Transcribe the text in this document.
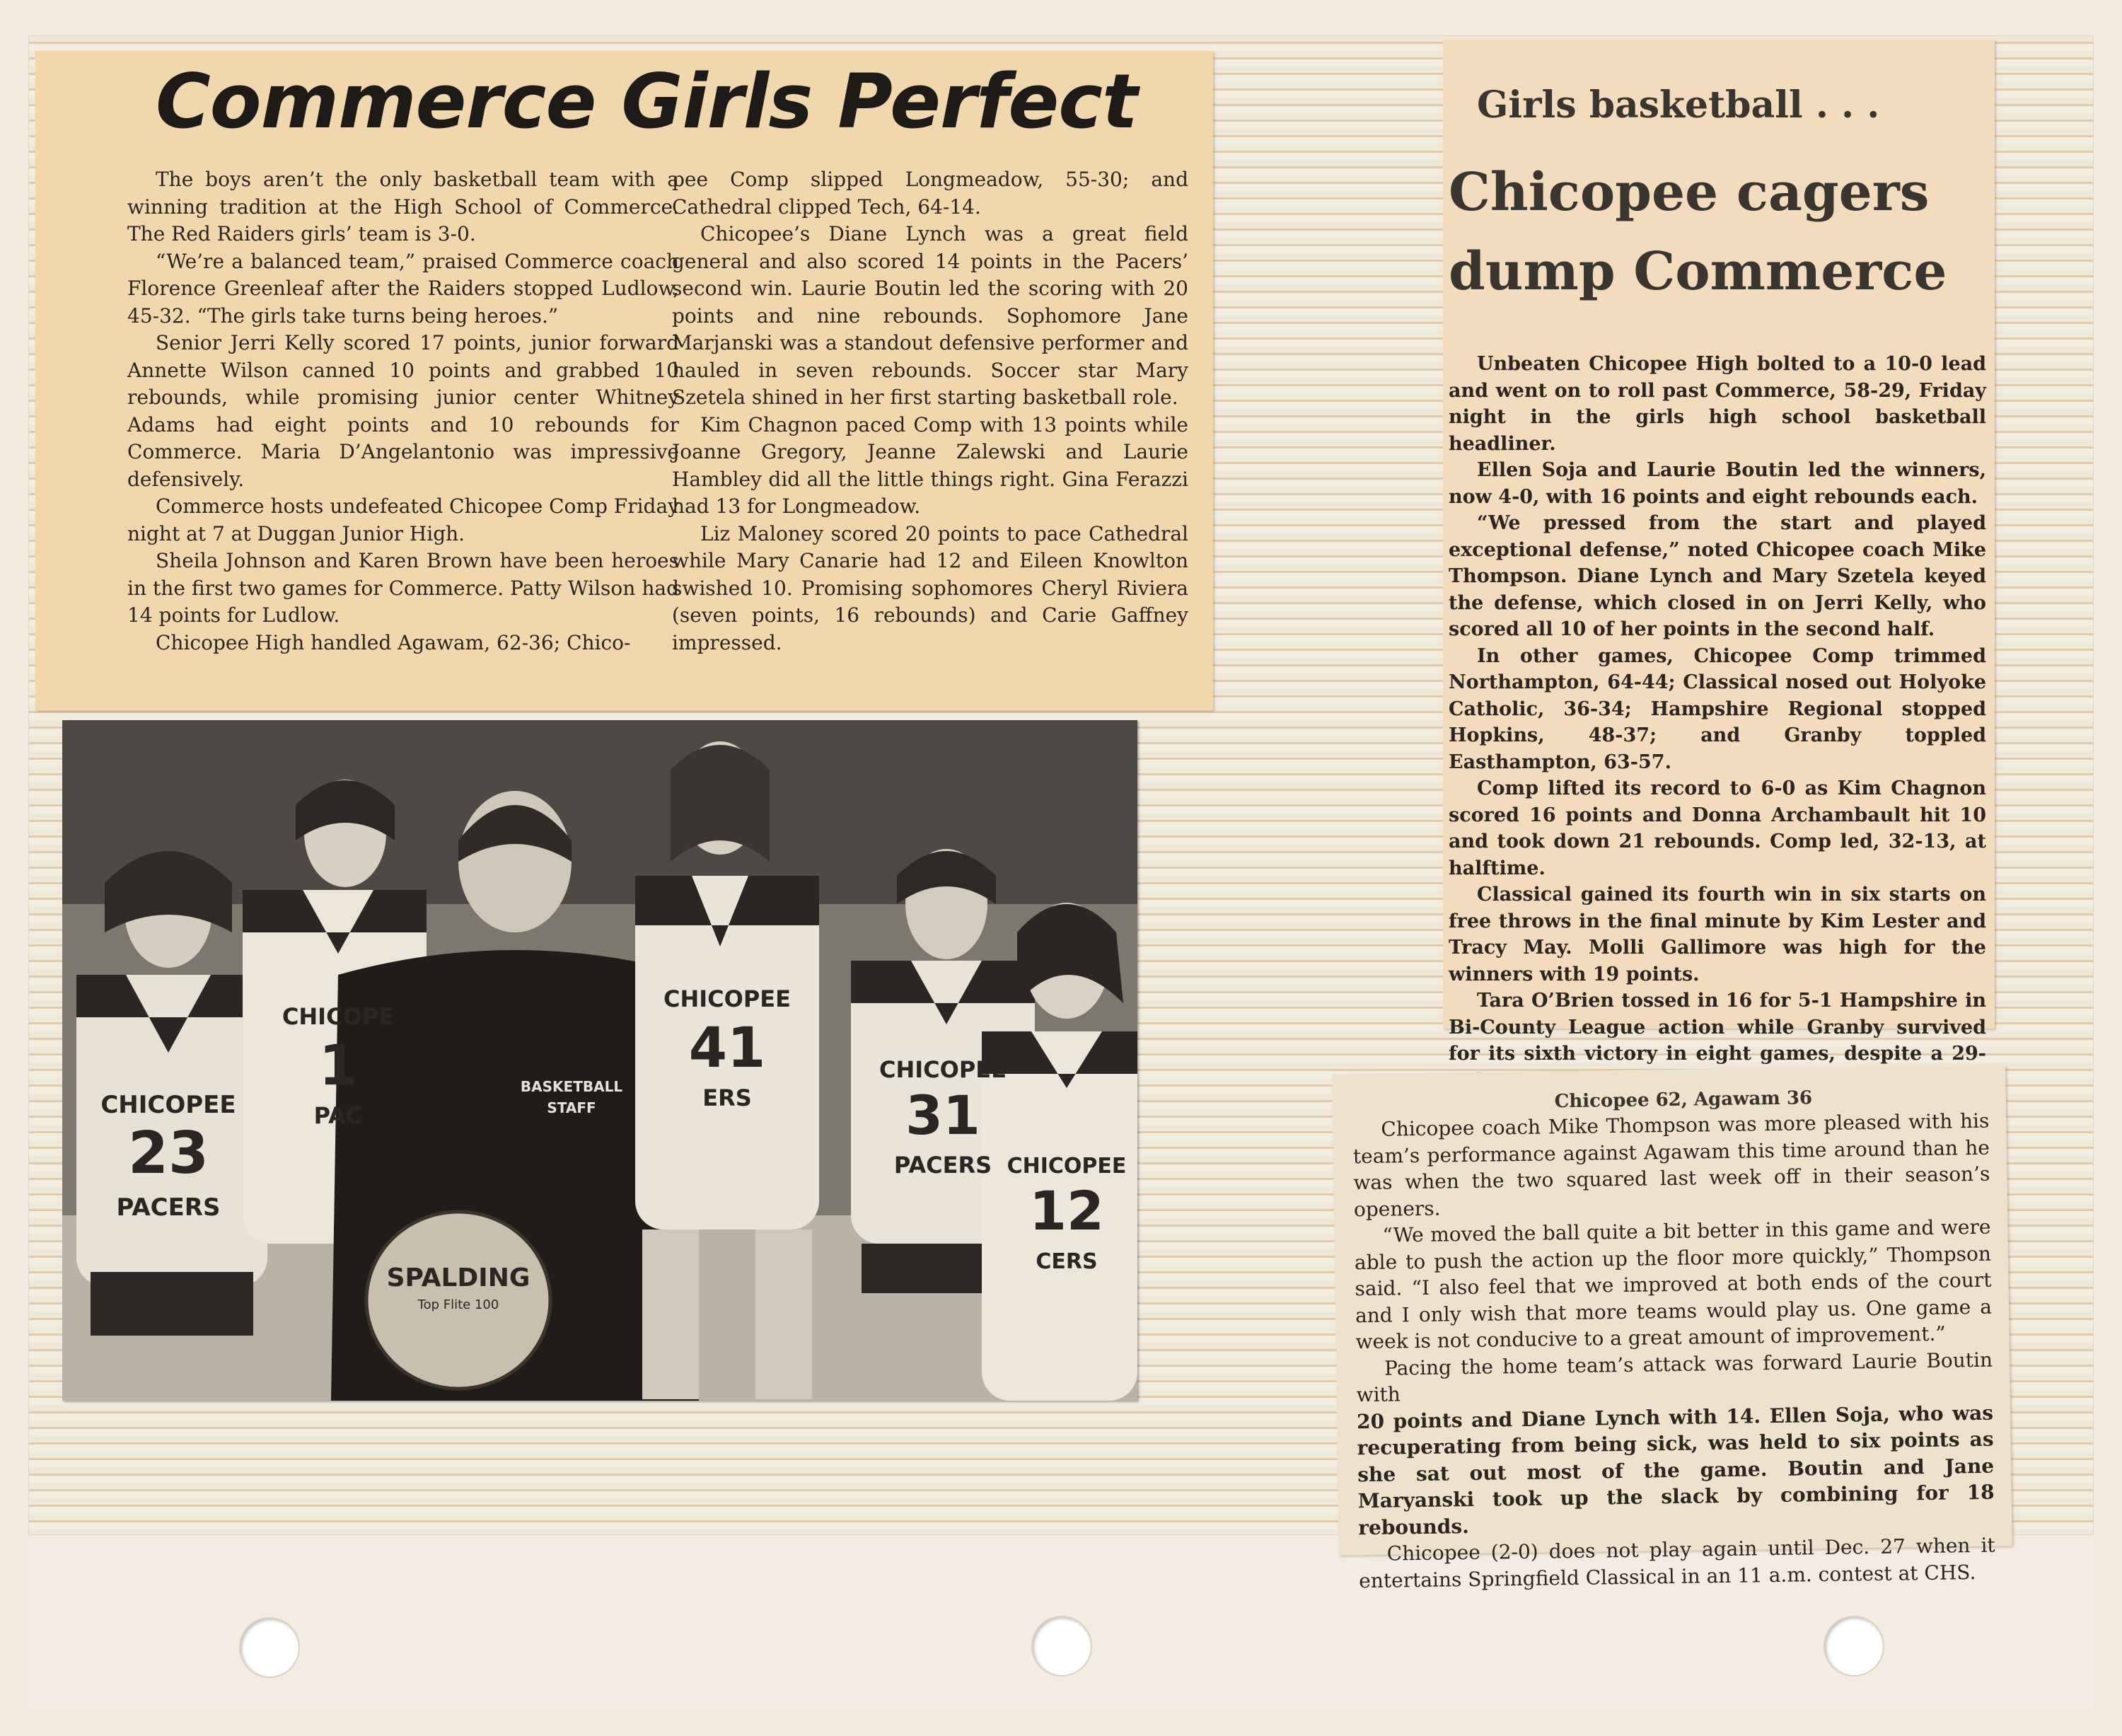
Commerce Girls Perfect

The boys aren’t the only basketball team with a winning tradition at the High School of Commerce. The Red Raiders girls’ team is 3-0.

“We’re a balanced team,” praised Commerce coach Florence Greenleaf after the Raiders stopped Ludlow, 45-32. “The girls take turns being heroes.”

Senior Jerri Kelly scored 17 points, junior forward Annette Wilson canned 10 points and grabbed 10 rebounds, while promising junior center Whitney Adams had eight points and 10 rebounds for Commerce. Maria D’Angelantonio was impressive defensively.

Commerce hosts undefeated Chicopee Comp Friday night at 7 at Duggan Junior High.

Sheila Johnson and Karen Brown have been heroes in the first two games for Commerce. Patty Wilson had 14 points for Ludlow.

Chicopee High handled Agawam, 62-36; Chico-

pee Comp slipped Longmeadow, 55-30; and Cathedral clipped Tech, 64-14.

Chicopee’s Diane Lynch was a great field general and also scored 14 points in the Pacers’ second win. Laurie Boutin led the scoring with 20 points and nine rebounds. Sophomore Jane Marjanski was a standout defensive performer and hauled in seven rebounds. Soccer star Mary Szetela shined in her first starting basketball role.

Kim Chagnon paced Comp with 13 points while Joanne Gregory, Jeanne Zalewski and Laurie Hambley did all the little things right. Gina Ferazzi had 13 for Longmeadow.

Liz Maloney scored 20 points to pace Cathedral while Mary Canarie had 12 and Eileen Knowlton swished 10. Promising sophomores Cheryl Riviera (seven points, 16 rebounds) and Carie Gaffney impressed.

Girls basketball . . .

Chicopee cagers dump Commerce

Unbeaten Chicopee High bolted to a 10-0 lead and went on to roll past Commerce, 58-29, Friday night in the girls high school basketball headliner.

Ellen Soja and Laurie Boutin led the winners, now 4-0, with 16 points and eight rebounds each.

“We pressed from the start and played exceptional defense,” noted Chicopee coach Mike Thompson. Diane Lynch and Mary Szetela keyed the defense, which closed in on Jerri Kelly, who scored all 10 of her points in the second half.

In other games, Chicopee Comp trimmed Northampton, 64-44; Classical nosed out Holyoke Catholic, 36-34; Hampshire Regional stopped Hopkins, 48-37; and Granby toppled Easthampton, 63-57.

Comp lifted its record to 6-0 as Kim Chagnon scored 16 points and Donna Archambault hit 10 and took down 21 rebounds. Comp led, 32-13, at halftime.

Classical gained its fourth win in six starts on free throws in the final minute by Kim Lester and Tracy May. Molli Gallimore was high for the winners with 19 points.

Tara O’Brien tossed in 16 for 5-1 Hampshire in Bi-County League action while Granby survived for its sixth victory in eight games, despite a 29-

CHICOPEE
23
PACERS
CHICOPE
1
PAC
CHICOPEE
41
ERS
CHICOPEE
31
PACERS CHICOPEE
12
CERS
BASKETBALL
STAFF
SPALDING
Top Flite 100

Chicopee 62, Agawam 36

Chicopee coach Mike Thompson was more pleased with his team’s performance against Agawam this time around than he was when the two squared last week off in their season’s openers.

“We moved the ball quite a bit better in this game and were able to push the action up the floor more quickly,” Thompson said. “I also feel that we improved at both ends of the court and I only wish that more teams would play us. One game a week is not conducive to a great amount of improvement.”

Pacing the home team’s attack was forward Laurie Boutin with

20 points and Diane Lynch with 14. Ellen Soja, who was recuperating from being sick, was held to six points as she sat out most of the game. Boutin and Jane Maryanski took up the slack by combining for 18 rebounds.

Chicopee (2-0) does not play again until Dec. 27 when it entertains Springfield Classical in an 11 a.m. contest at CHS.
